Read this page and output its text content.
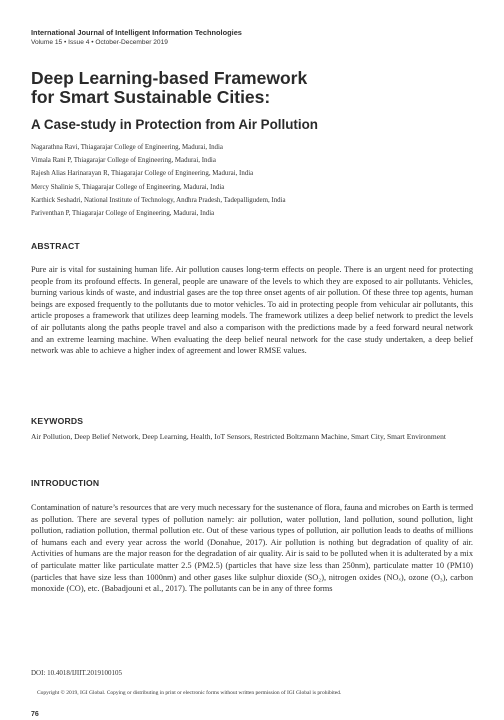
International Journal of Intelligent Information Technologies
Volume 15 • Issue 4 • October-December 2019
Deep Learning-based Framework
for Smart Sustainable Cities:
A Case-study in Protection from Air Pollution
Nagarathna Ravi, Thiagarajar College of Engineering, Madurai, India
Vimala Rani P, Thiagarajar College of Engineering, Madurai, India
Rajesh Alias Harinarayan R, Thiagarajar College of Engineering, Madurai, India
Mercy Shalinie S, Thiagarajar College of Engineering, Madurai, India
Karthick Seshadri, National Institute of Technology, Andhra Pradesh, Tadepalligudem, India
Pariventhan P, Thiagarajar College of Engineering, Madurai, India
ABSTRACT
Pure air is vital for sustaining human life. Air pollution causes long-term effects on people. There is an urgent need for protecting people from its profound effects. In general, people are unaware of the levels to which they are exposed to air pollutants. Vehicles, burning various kinds of waste, and industrial gases are the top three onset agents of air pollution. Of these three top agents, human beings are exposed frequently to the pollutants due to motor vehicles. To aid in protecting people from vehicular air pollutants, this article proposes a framework that utilizes deep learning models. The framework utilizes a deep belief network to predict the levels of air pollutants along the paths people travel and also a comparison with the predictions made by a feed forward neural network and an extreme learning machine. When evaluating the deep belief neural network for the case study undertaken, a deep belief network was able to achieve a higher index of agreement and lower RMSE values.
KEYWORDS
Air Pollution, Deep Belief Network, Deep Learning, Health, IoT Sensors, Restricted Boltzmann Machine, Smart City, Smart Environment
INTRODUCTION
Contamination of nature’s resources that are very much necessary for the sustenance of flora, fauna and microbes on Earth is termed as pollution. There are several types of pollution namely: air pollution, water pollution, land pollution, sound pollution, light pollution, radiation pollution, thermal pollution etc. Out of these various types of pollution, air pollution leads to deaths of millions of humans each and every year across the world (Donahue, 2017). Air pollution is nothing but degradation of quality of air. Activities of humans are the major reason for the degradation of air quality. Air is said to be polluted when it is adulterated by a mix of particulate matter like particulate matter 2.5 (PM2.5) (particles that have size less than 250nm), particulate matter 10 (PM10) (particles that have size less than 1000nm) and other gases like sulphur dioxide (SO₂), nitrogen oxides (NOₓ), ozone (O₃), carbon monoxide (CO), etc. (Babadjouni et al., 2017). The pollutants can be in any of three forms
DOI: 10.4018/IJIIT.2019100105
Copyright © 2019, IGI Global. Copying or distributing in print or electronic forms without written permission of IGI Global is prohibited.
76
